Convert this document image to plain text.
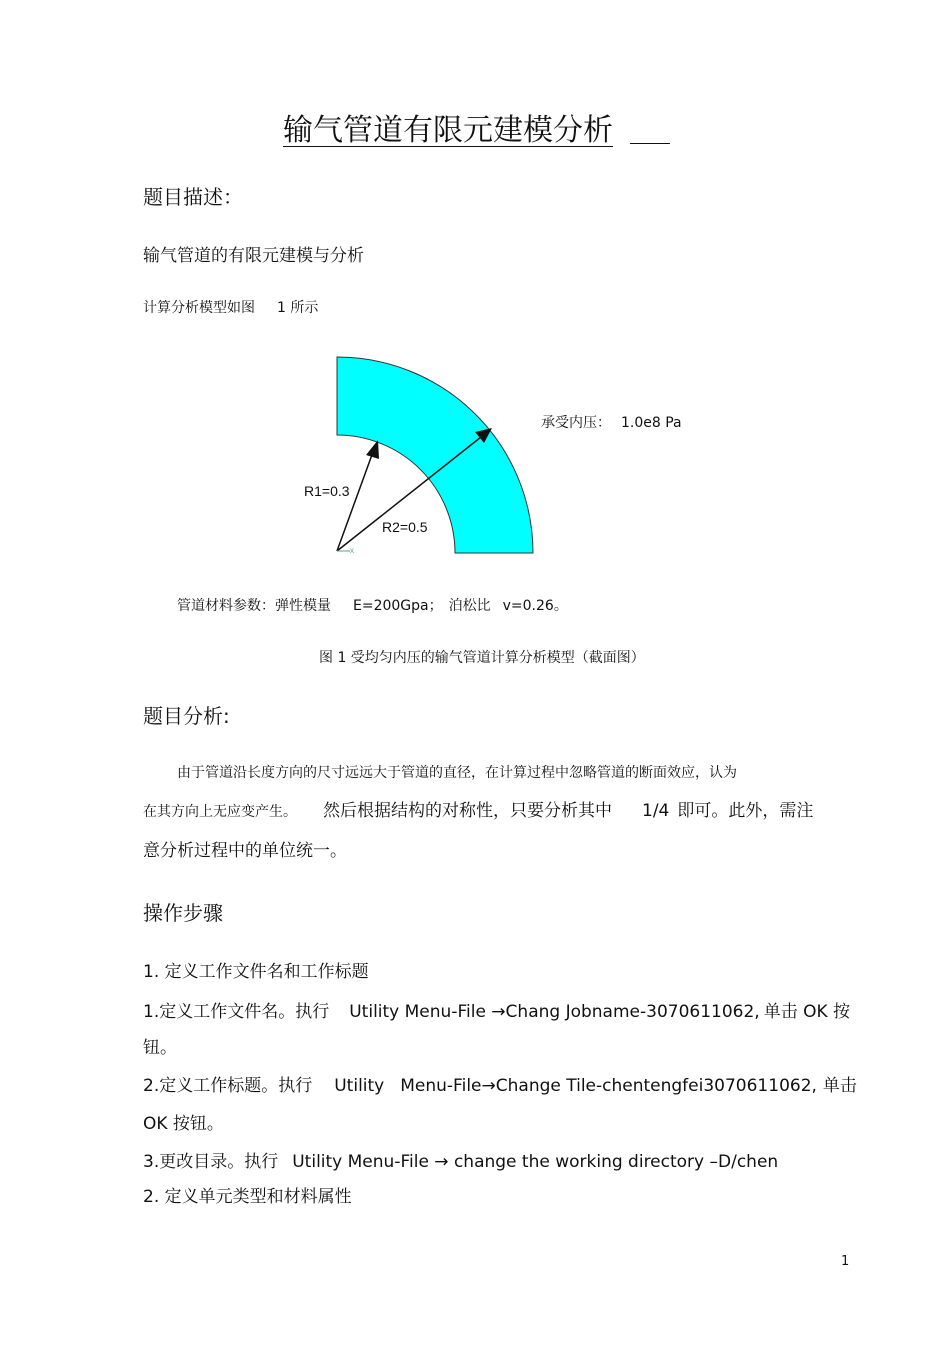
输气管道有限元建模分析
题目描述：
输气管道的有限元建模与分析
计算分析模型如图 1 所示
x
R1=0.3
R2=0.5
承受内压： 1.0e8 Pa
管道材料参数：弹性模量 E=200Gpa； 泊松比 v=0.26。
图 1 受均匀内压的输气管道计算分析模型（截面图）
题目分析:
由于管道沿长度方向的尺寸远远大于管道的直径，在计算过程中忽略管道的断面效应，认为
在其方向上无应变产生。 然后根据结构的对称性，只要分析其中 1/4 即可。此外，需注
意分析过程中的单位统一。
操作步骤
1. 定义工作文件名和工作标题
1.定义工作文件名。执行 Utility Menu-File →Chang Jobname-3070611062, 单击 OK 按
钮。
2.定义工作标题。执行 Utility Menu-File→Change Tile-chentengfei3070611062, 单击
OK 按钮。
3.更改目录。执行 Utility Menu-File → change the working directory –D/chen
2. 定义单元类型和材料属性
1
